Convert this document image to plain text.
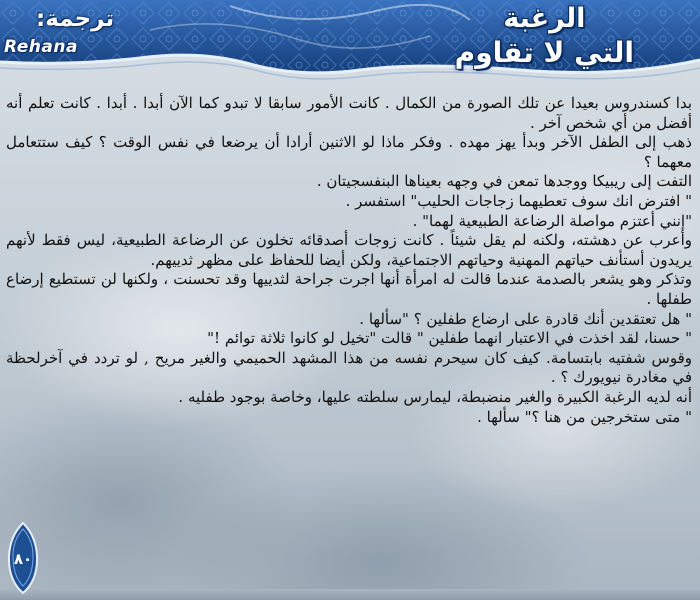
الرغبة
التي لا تقاوم
ترجمة:
Rehana

بدا كسندروس بعيدا عن تلك الصورة من الكمال . كانت الأمور سابقا لا تبدو كما الآن أبدا . أبدا . كانت تعلم أنه أفضل من أي شخص آخر .

ذهب إلى الطفل الآخر وبدأ يهز مهده . وفكر ماذا لو الاثنين أرادا أن يرضعا في نفس الوقت ؟ كيف ستتعامل معهما ؟

التفت إلى ريبيكا ووجدها تمعن في وجهه بعيناها البنفسجيتان .

" افترض انك سوف تعطيهما زجاجات الحليب" استفسر .

"إنني أعتزم مواصلة الرضاعة الطبيعية لهما" .

وأعرب عن دهشته، ولكنه لم يقل شيئاً . كانت زوجات أصدقائه تخلون عن الرضاعة الطبيعية، ليس فقط لأنهم يريدون أستأنف حياتهم المهنية وحياتهم الاجتماعية، ولكن أيضا للحفاظ على مظهر ثدييهم.

وتذكر وهو يشعر بالصدمة عندما قالت له امرأة أنها اجرت جراحة لثدييها وقد تحسنت ، ولكنها لن تستطيع إرضاع طفلها .

" هل تعتقدين أنك قادرة على ارضاع طفلين ؟ "سألها .

" حسنا، لقد اخذت في الاعتبار انهما طفلين " قالت "تخيل لو كانوا ثلاثة توائم !"

وقوس شفتيه بابتسامة. كيف كان سيحرم نفسه من هذا المشهد الحميمي والغير مريح , لو تردد في آخرلحظة في مغادرة نيويورك ؟ .

أنه لديه الرغبة الكبيرة والغير منضبطة، ليمارس سلطته عليها، وخاصة بوجود طفليه .

" متى ستخرجين من هنا ؟" سألها .

٨٠
